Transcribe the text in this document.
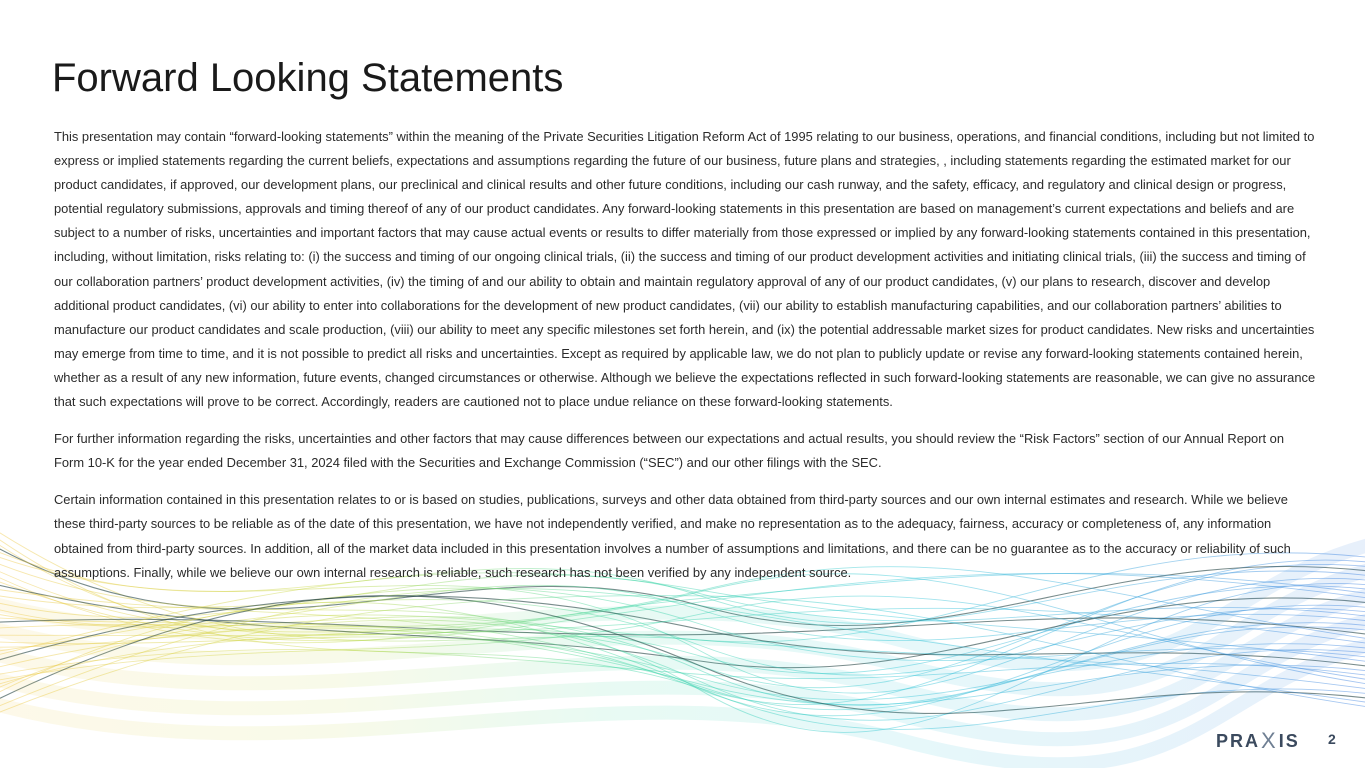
Forward Looking Statements

This presentation may contain “forward-looking statements” within the meaning of the Private Securities Litigation Reform Act of 1995 relating to our business, operations, and financial conditions, including but not limited to express or implied statements regarding the current beliefs, expectations and assumptions regarding the future of our business, future plans and strategies, , including statements regarding the estimated market for our product candidates, if approved, our development plans, our preclinical and clinical results and other future conditions, including our cash runway, and the safety, efficacy, and regulatory and clinical design or progress, potential regulatory submissions, approvals and timing thereof of any of our product candidates. Any forward-looking statements in this presentation are based on management’s current expectations and beliefs and are subject to a number of risks, uncertainties and important factors that may cause actual events or results to differ materially from those expressed or implied by any forward-looking statements contained in this presentation, including, without limitation, risks relating to: (i) the success and timing of our ongoing clinical trials, (ii) the success and timing of our product development activities and initiating clinical trials, (iii) the success and timing of our collaboration partners’ product development activities, (iv) the timing of and our ability to obtain and maintain regulatory approval of any of our product candidates, (v) our plans to research, discover and develop additional product candidates, (vi) our ability to enter into collaborations for the development of new product candidates, (vii) our ability to establish manufacturing capabilities, and our collaboration partners’ abilities to manufacture our product candidates and scale production, (viii) our ability to meet any specific milestones set forth herein, and (ix) the potential addressable market sizes for product candidates. New risks and uncertainties may emerge from time to time, and it is not possible to predict all risks and uncertainties. Except as required by applicable law, we do not plan to publicly update or revise any forward-looking statements contained herein, whether as a result of any new information, future events, changed circumstances or otherwise. Although we believe the expectations reflected in such forward-looking statements are reasonable, we can give no assurance that such expectations will prove to be correct. Accordingly, readers are cautioned not to place undue reliance on these forward-looking statements.

For further information regarding the risks, uncertainties and other factors that may cause differences between our expectations and actual results, you should review the “Risk Factors” section of our Annual Report on Form 10-K for the year ended December 31, 2024 filed with the Securities and Exchange Commission (“SEC”) and our other filings with the SEC.

Certain information contained in this presentation relates to or is based on studies, publications, surveys and other data obtained from third-party sources and our own internal estimates and research. While we believe these third-party sources to be reliable as of the date of this presentation, we have not independently verified, and make no representation as to the adequacy, fairness, accuracy or completeness of, any information obtained from third-party sources. In addition, all of the market data included in this presentation involves a number of assumptions and limitations, and there can be no guarantee as to the accuracy or reliability of such assumptions. Finally, while we believe our own internal research is reliable, such research has not been verified by any independent source.

PRA X IS 2
